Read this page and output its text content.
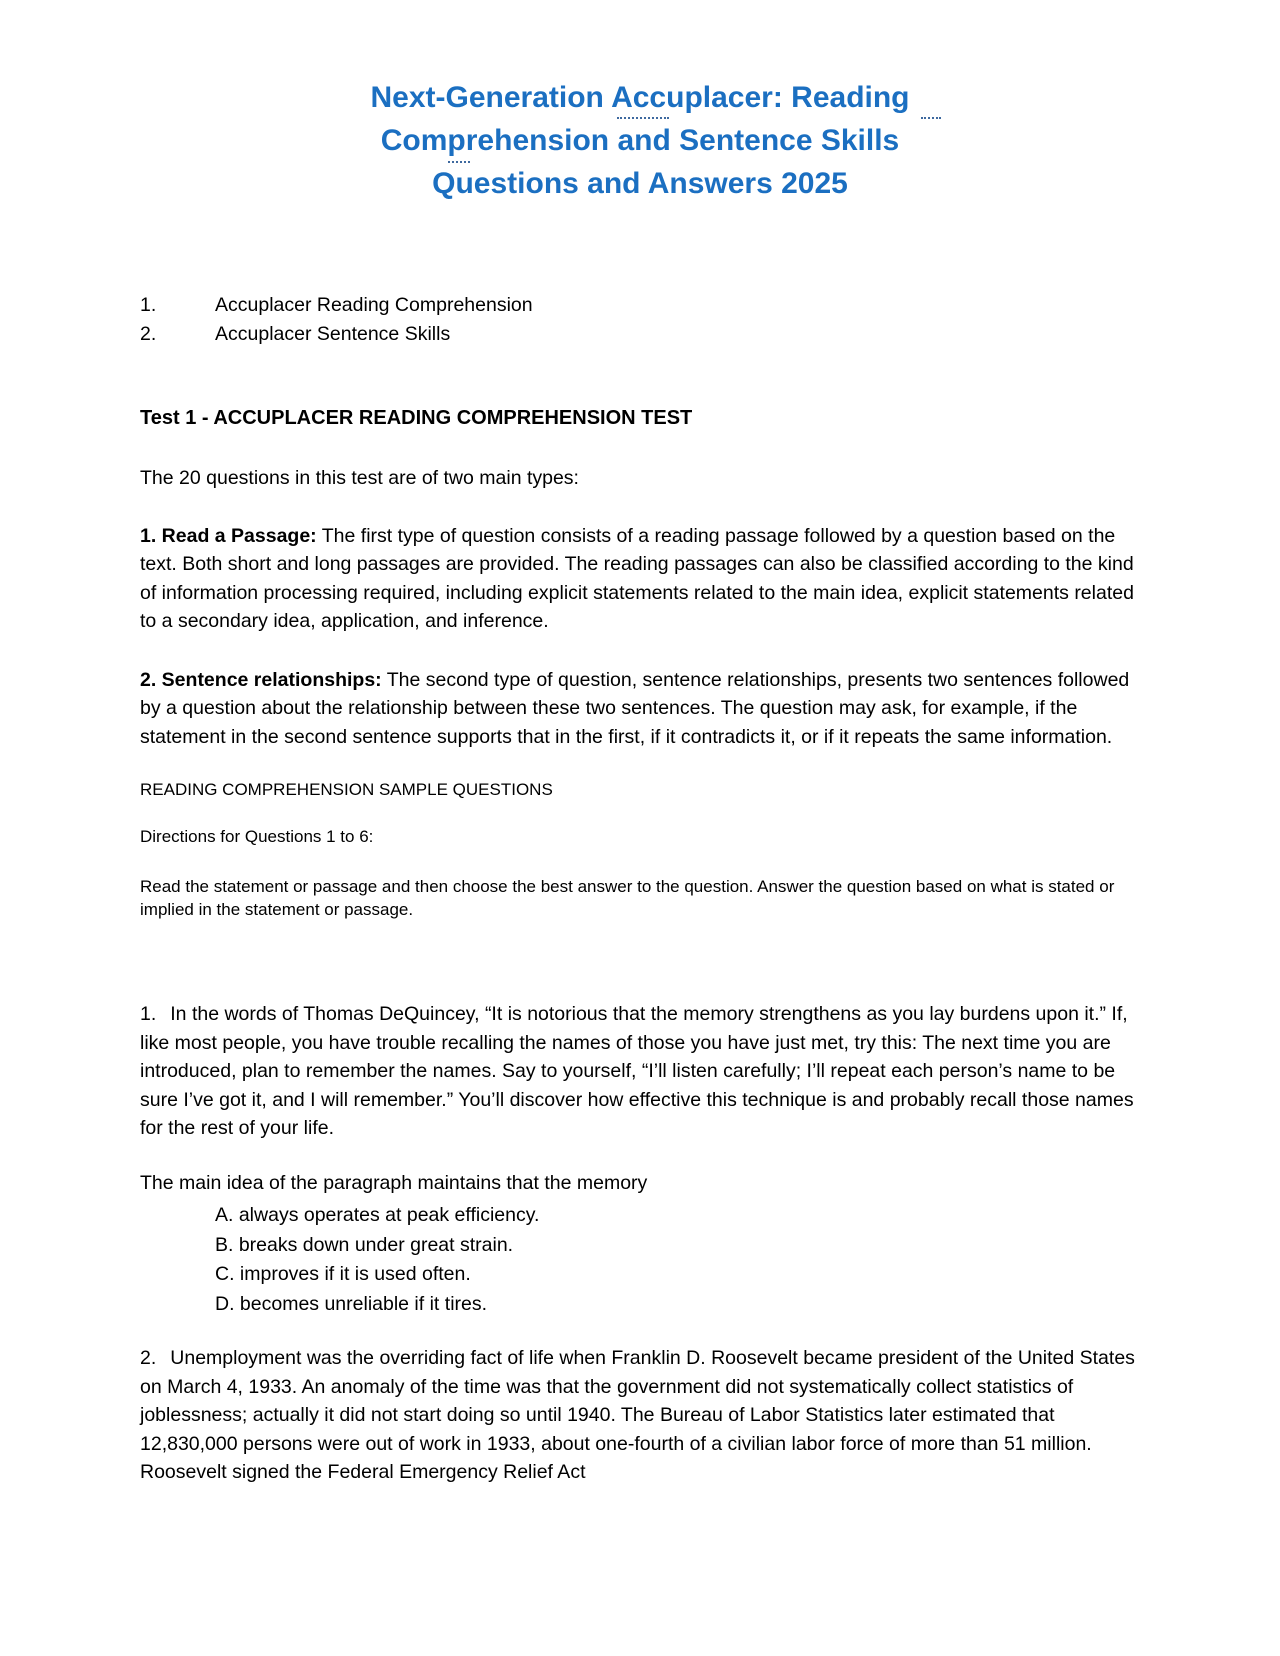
Next-Generation Accuplacer: Reading
Comprehension and Sentence Skills
Questions and Answers 2025
1.	Accuplacer Reading Comprehension
2.	Accuplacer Sentence Skills
Test 1 - ACCUPLACER READING COMPREHENSION TEST

The 20 questions in this test are of two main types:

1. Read a Passage: The first type of question consists of a reading passage followed by a question based on the text. Both short and long passages are provided. The reading passages can also be classified according to the kind of information processing required, including explicit statements related to the main idea, explicit statements related to a secondary idea, application, and inference.

2. Sentence relationships: The second type of question, sentence relationships, presents two sentences followed by a question about the relationship between these two sentences. The question may ask, for example, if the statement in the second sentence supports that in the first, if it contradicts it, or if it repeats the same information.

READING COMPREHENSION SAMPLE QUESTIONS

Directions for Questions 1 to 6:

Read the statement or passage and then choose the best answer to the question. Answer the question based on what is stated or implied in the statement or passage.

1. In the words of Thomas DeQuincey, “It is notorious that the memory strengthens as you lay burdens upon it.” If, like most people, you have trouble recalling the names of those you have just met, try this: The next time you are introduced, plan to remember the names. Say to yourself, “I’ll listen carefully; I’ll repeat each person’s name to be sure I’ve got it, and I will remember.” You’ll discover how effective this technique is and probably recall those names for the rest of your life.

The main idea of the paragraph maintains that the memory

A. always operates at peak efficiency.
B. breaks down under great strain.
C. improves if it is used often.
D. becomes unreliable if it tires.

2. Unemployment was the overriding fact of life when Franklin D. Roosevelt became president of the United States on March 4, 1933. An anomaly of the time was that the government did not systematically collect statistics of joblessness; actually it did not start doing so until 1940. The Bureau of Labor Statistics later estimated that 12,830,000 persons were out of work in 1933, about one-fourth of a civilian labor force of more than 51 million. Roosevelt signed the Federal Emergency Relief Act
